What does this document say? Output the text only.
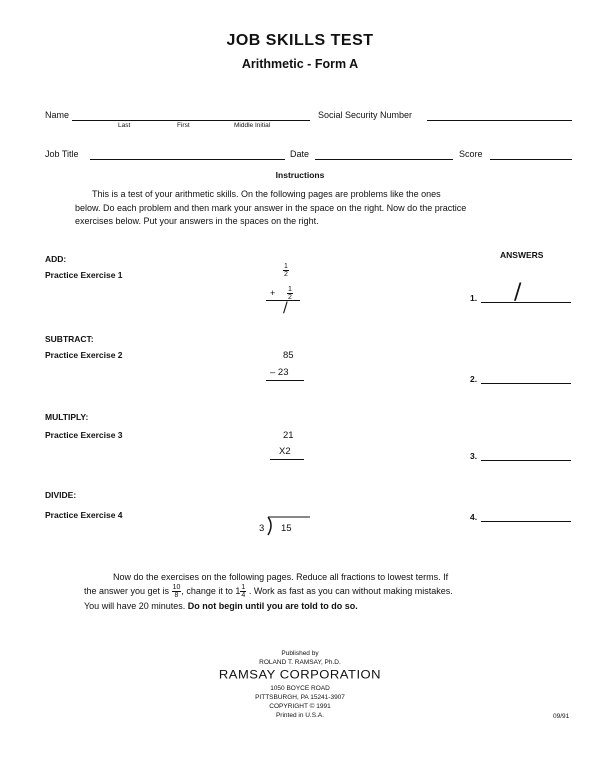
JOB SKILLS TEST
Arithmetic - Form A
Name
Last	First	Middle Initial
Social Security Number
Job Title	Date	Score
Instructions
This is a test of your arithmetic skills. On the following pages are problems like the ones
below. Do each problem and then mark your answer in the space on the right. Now do the practice
exercises below. Put your answers in the spaces on the right.
ANSWERS
ADD:
Practice Exercise 1	$\frac{1}{2}$
+ $\frac{1}{2}$
/
1. /
SUBTRACT:
Practice Exercise 2	85
– 23
2.
MULTIPLY:
Practice Exercise 3	21
X2	3.
DIVIDE:
Practice Exercise 4
3 15
4.
Now do the exercises on the following pages. Reduce all fractions to lowest terms. If
the answer you get is $\frac{10}{8}$ , change it to $1 \frac{1}{4}$ . Work as fast as you can without making mistakes.
You will have 20 minutes. Do not begin until you are told to do so.
Published by
ROLAND T. RAMSAY, Ph.D.
RAMSAY CORPORATION
1050 BOYCE ROAD
PITTSBURGH, PA 15241-3907
COPYRIGHT © 1991
Printed in U.S.A.	09/91
